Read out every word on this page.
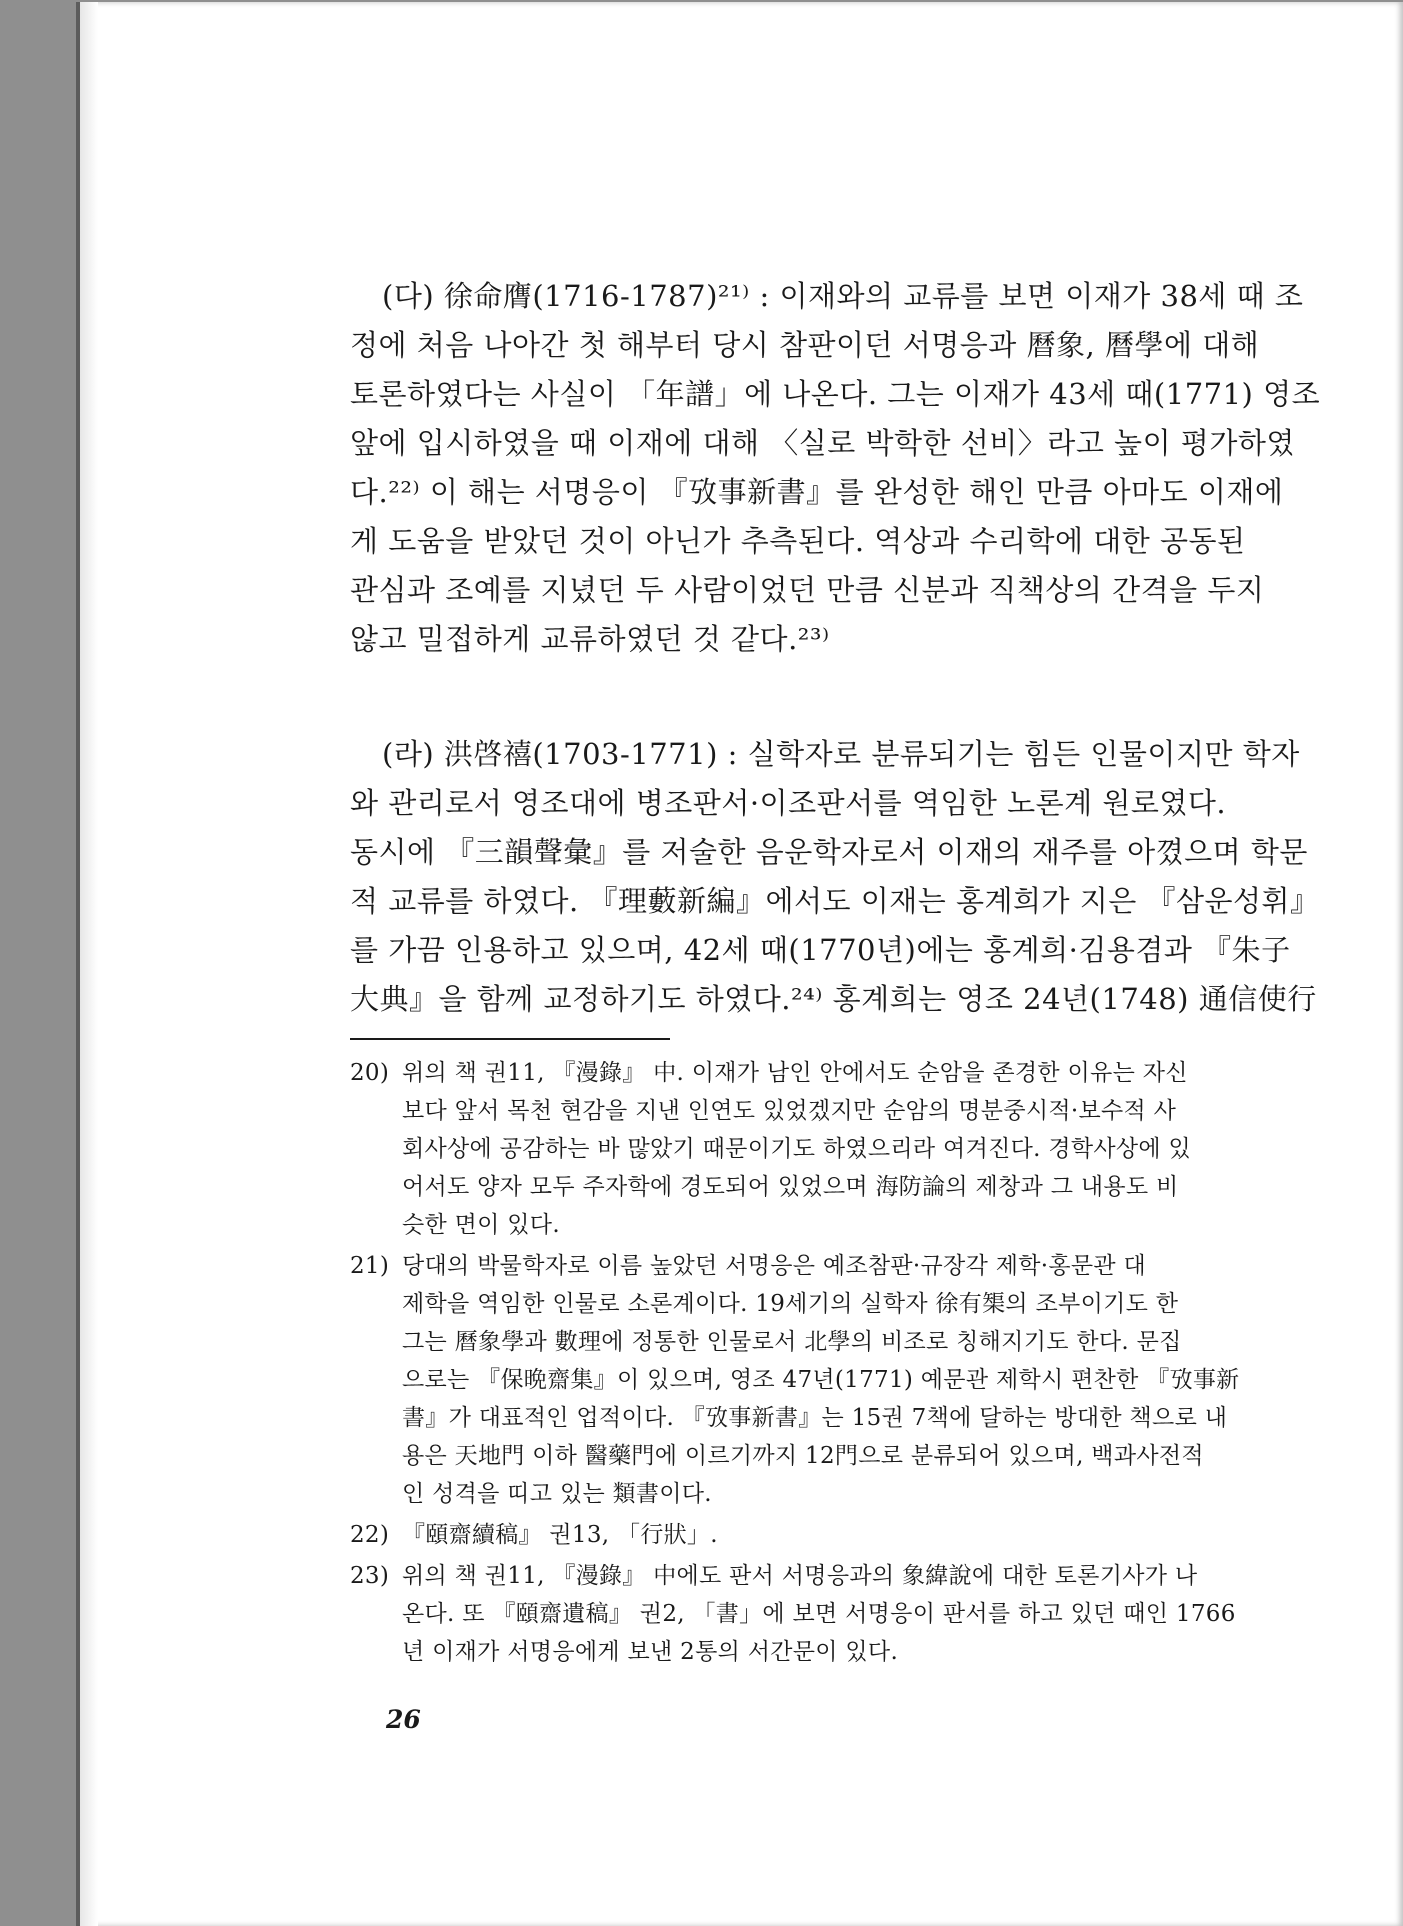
(다) 徐命膺(1716-1787)²¹⁾ : 이재와의 교류를 보면 이재가 38세 때 조
정에 처음 나아간 첫 해부터 당시 참판이던 서명응과 曆象, 曆學에 대해
토론하였다는 사실이 「年譜」에 나온다. 그는 이재가 43세 때(1771) 영조
앞에 입시하였을 때 이재에 대해 〈실로 박학한 선비〉라고 높이 평가하였
다.²²⁾ 이 해는 서명응이 『攷事新書』를 완성한 해인 만큼 아마도 이재에
게 도움을 받았던 것이 아닌가 추측된다. 역상과 수리학에 대한 공동된
관심과 조예를 지녔던 두 사람이었던 만큼 신분과 직책상의 간격을 두지
않고 밀접하게 교류하였던 것 같다.²³⁾

(라) 洪啓禧(1703-1771) : 실학자로 분류되기는 힘든 인물이지만 학자
와 관리로서 영조대에 병조판서·이조판서를 역임한 노론계 원로였다.
동시에 『三韻聲彙』를 저술한 음운학자로서 이재의 재주를 아꼈으며 학문
적 교류를 하였다. 『理藪新編』에서도 이재는 홍계희가 지은 『삼운성휘』
를 가끔 인용하고 있으며, 42세 때(1770년)에는 홍계희·김용겸과 『朱子
大典』을 함께 교정하기도 하였다.²⁴⁾ 홍계희는 영조 24년(1748) 通信使行

20) 위의 책 권11, 『漫錄』 中. 이재가 남인 안에서도 순암을 존경한 이유는 자신
보다 앞서 목천 현감을 지낸 인연도 있었겠지만 순암의 명분중시적·보수적 사
회사상에 공감하는 바 많았기 때문이기도 하였으리라 여겨진다. 경학사상에 있
어서도 양자 모두 주자학에 경도되어 있었으며 海防論의 제창과 그 내용도 비
슷한 면이 있다.
21) 당대의 박물학자로 이름 높았던 서명응은 예조참판·규장각 제학·홍문관 대
제학을 역임한 인물로 소론계이다. 19세기의 실학자 徐有榘의 조부이기도 한
그는 曆象學과 數理에 정통한 인물로서 北學의 비조로 칭해지기도 한다. 문집
으로는 『保晩齋集』이 있으며, 영조 47년(1771) 예문관 제학시 편찬한 『攷事新
書』가 대표적인 업적이다. 『攷事新書』는 15권 7책에 달하는 방대한 책으로 내
용은 天地門 이하 醫藥門에 이르기까지 12門으로 분류되어 있으며, 백과사전적
인 성격을 띠고 있는 類書이다.
22) 『頤齋續稿』 권13, 「行狀」.
23) 위의 책 권11, 『漫錄』 中에도 판서 서명응과의 象緯說에 대한 토론기사가 나
온다. 또 『頤齋遺稿』 권2, 「書」에 보면 서명응이 판서를 하고 있던 때인 1766
년 이재가 서명응에게 보낸 2통의 서간문이 있다.
26
